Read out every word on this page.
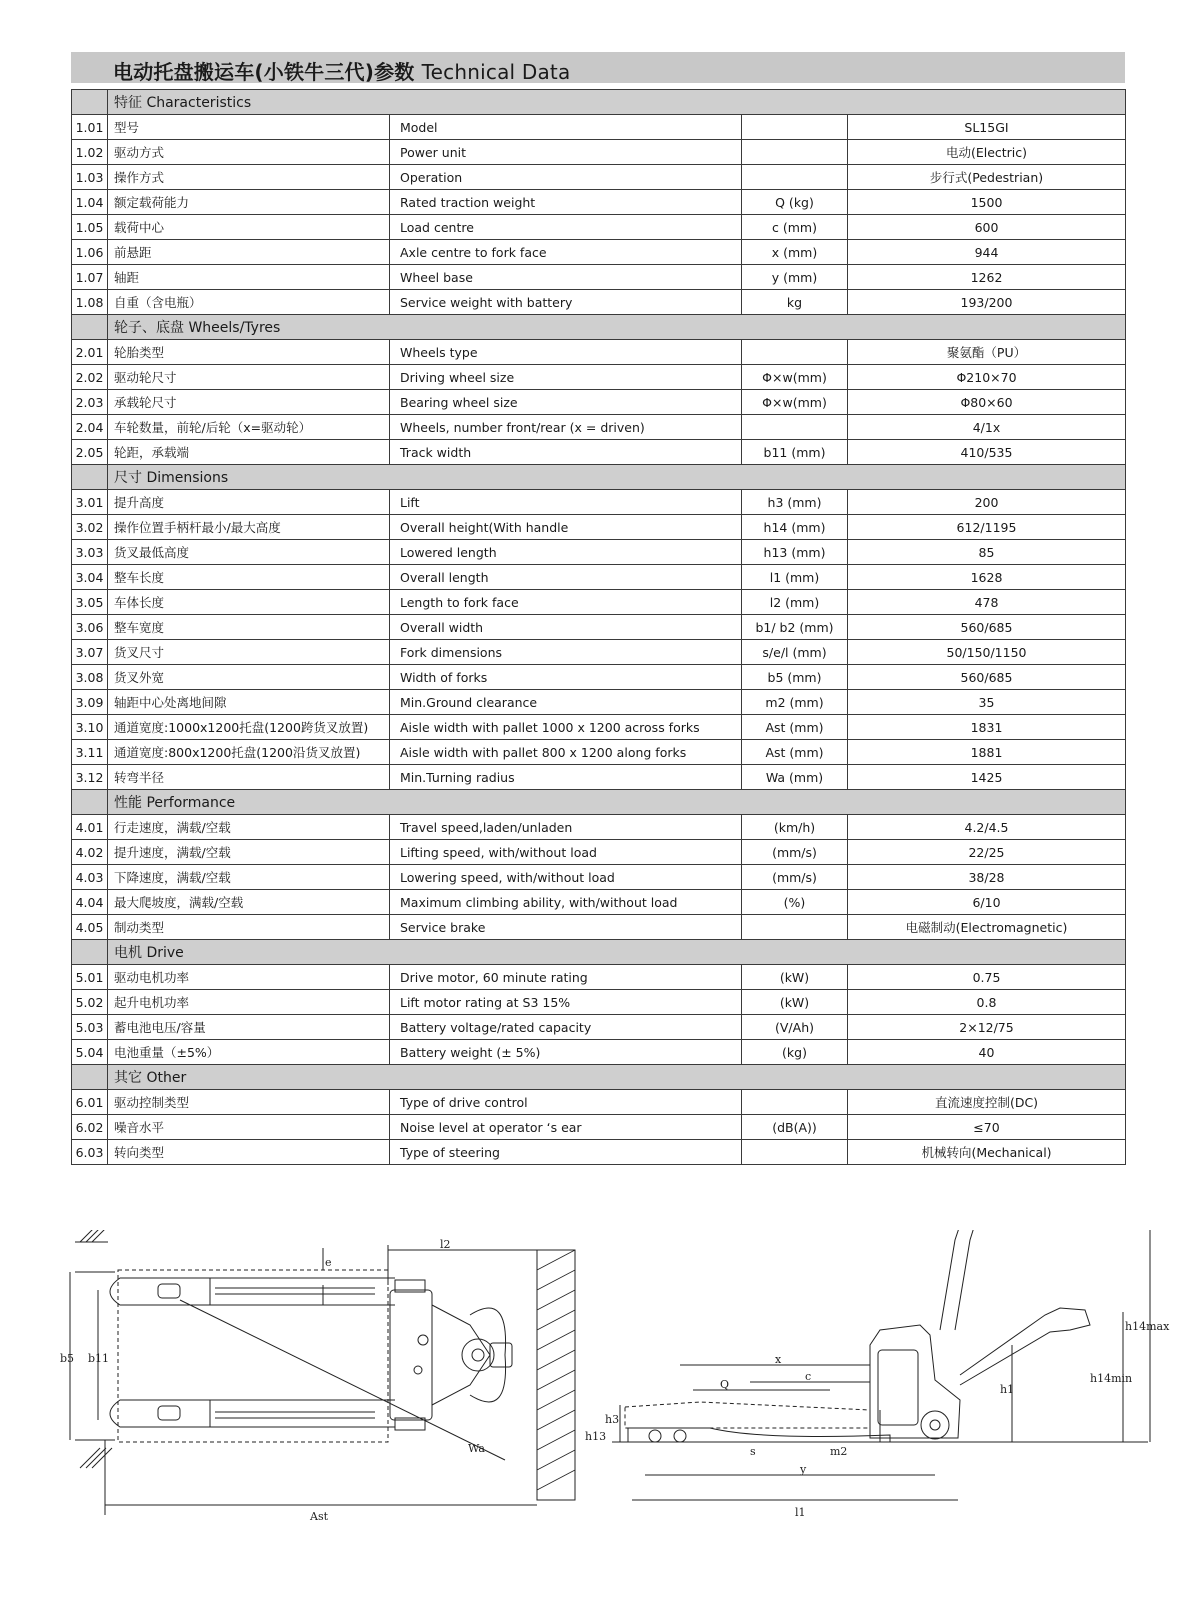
电动托盘搬运车(小铁牛三代)参数 Technical Data
	特征 Characteristics			
1.01	型号	Model		SL15GI
1.02	驱动方式	Power unit		电动(Electric)
1.03	操作方式	Operation		步行式(Pedestrian)
1.04	额定载荷能力	Rated traction weight	Q (kg)	1500
1.05	载荷中心	Load centre	c (mm)	600
1.06	前悬距	Axle centre to fork face	x (mm)	944
1.07	轴距	Wheel base	y (mm)	1262
1.08	自重（含电瓶）	Service weight with battery	kg	193/200
	轮子、底盘 Wheels/Tyres			
2.01	轮胎类型	Wheels type		聚氨酯（PU）
2.02	驱动轮尺寸	Driving wheel size	Φ×w(mm)	Φ210×70
2.03	承载轮尺寸	Bearing wheel size	Φ×w(mm)	Φ80×60
2.04	车轮数量，前轮/后轮（x=驱动轮）	Wheels, number front/rear (x = driven)		4/1x
2.05	轮距，承载端	Track width	b11 (mm)	410/535
	尺寸 Dimensions			
3.01	提升高度	Lift	h3 (mm)	200
3.02	操作位置手柄杆最小/最大高度	Overall height(With handle	h14 (mm)	612/1195
3.03	货叉最低高度	Lowered length	h13 (mm)	85
3.04	整车长度	Overall length	l1 (mm)	1628
3.05	车体长度	Length to fork face	l2 (mm)	478
3.06	整车宽度	Overall width	b1/ b2 (mm)	560/685
3.07	货叉尺寸	Fork dimensions	s/e/l (mm)	50/150/1150
3.08	货叉外宽	Width of forks	b5 (mm)	560/685
3.09	轴距中心处离地间隙	Min.Ground clearance	m2 (mm)	35
3.10	通道宽度:1000x1200托盘(1200跨货叉放置)	Aisle width with pallet 1000 x 1200 across forks	Ast (mm)	1831
3.11	通道宽度:800x1200托盘(1200沿货叉放置)	Aisle width with pallet 800 x 1200 along forks	Ast (mm)	1881
3.12	转弯半径	Min.Turning radius	Wa (mm)	1425
	性能 Performance			
4.01	行走速度，满载/空载	Travel speed,laden/unladen	(km/h)	4.2/4.5
4.02	提升速度，满载/空载	Lifting speed, with/without load	(mm/s)	22/25
4.03	下降速度，满载/空载	Lowering speed, with/without load	(mm/s)	38/28
4.04	最大爬坡度，满载/空载	Maximum climbing ability, with/without load	(%)	6/10
4.05	制动类型	Service brake		电磁制动(Electromagnetic)
	电机 Drive			
5.01	驱动电机功率	Drive motor, 60 minute rating	(kW)	0.75
5.02	起升电机功率	Lift motor rating at S3 15%	(kW)	0.8
5.03	蓄电池电压/容量	Battery voltage/rated capacity	(V/Ah)	2×12/75
5.04	电池重量（±5%）	Battery weight (± 5%)	(kg)	40
	其它 Other			
6.01	驱动控制类型	Type of drive control		直流速度控制(DC)
6.02	噪音水平	Noise level at operator ‘s ear	(dB(A))	≤70
6.03	转向类型	Type of steering		机械转向(Mechanical)
l2
e
b5 b11
Wa
Ast
x
Q
c
h3
h13
s	m2
y
l1
h1
h14max
h14min
